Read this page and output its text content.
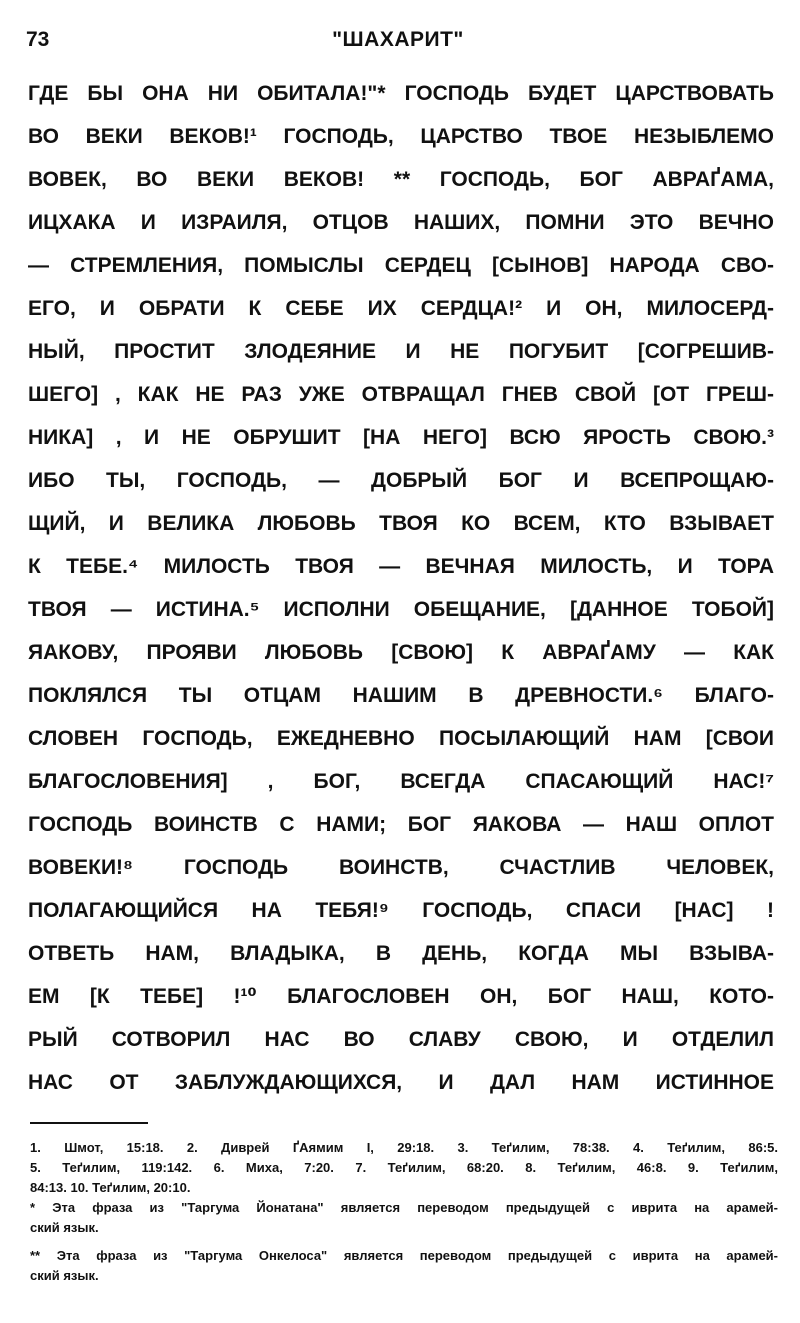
73	"ШАХАРИТ"
ГДЕ БЫ ОНА НИ ОБИТАЛА!"* ГОСПОДЬ БУДЕТ ЦАРСТВОВАТЬ
ВО ВЕКИ ВЕКОВ!¹ ГОСПОДЬ, ЦАРСТВО ТВОЕ НЕЗЫБЛЕМО
ВОВЕК, ВО ВЕКИ ВЕКОВ! ** ГОСПОДЬ, БОГ АВРАҐАМА,
ИЦХАКА И ИЗРАИЛЯ, ОТЦОВ НАШИХ, ПОМНИ ЭТО ВЕЧНО
— СТРЕМЛЕНИЯ, ПОМЫСЛЫ СЕРДЕЦ [СЫНОВ] НАРОДА СВО-
ЕГО, И ОБРАТИ К СЕБЕ ИХ СЕРДЦА!² И ОН, МИЛОСЕРД-
НЫЙ, ПРОСТИТ ЗЛОДЕЯНИЕ И НЕ ПОГУБИТ [СОГРЕШИВ-
ШЕГО] , КАК НЕ РАЗ УЖЕ ОТВРАЩАЛ ГНЕВ СВОЙ [ОТ ГРЕШ-
НИКА] , И НЕ ОБРУШИТ [НА НЕГО] ВСЮ ЯРОСТЬ СВОЮ.³
ИБО ТЫ, ГОСПОДЬ, — ДОБРЫЙ БОГ И ВСЕПРОЩАЮ-
ЩИЙ, И ВЕЛИКА ЛЮБОВЬ ТВОЯ КО ВСЕМ, КТО ВЗЫВАЕТ
К ТЕБЕ.⁴ МИЛОСТЬ ТВОЯ — ВЕЧНАЯ МИЛОСТЬ, И ТОРА
ТВОЯ — ИСТИНА.⁵ ИСПОЛНИ ОБЕЩАНИЕ, [ДАННОЕ ТОБОЙ]
ЯАКОВУ, ПРОЯВИ ЛЮБОВЬ [СВОЮ] К АВРАҐАМУ — КАК
ПОКЛЯЛСЯ ТЫ ОТЦАМ НАШИМ В ДРЕВНОСТИ.⁶ БЛАГО-
СЛОВЕН ГОСПОДЬ, ЕЖЕДНЕВНО ПОСЫЛАЮЩИЙ НАМ [СВОИ
БЛАГОСЛОВЕНИЯ] , БОГ, ВСЕГДА СПАСАЮЩИЙ НАС!⁷
ГОСПОДЬ ВОИНСТВ С НАМИ; БОГ ЯАКОВА — НАШ ОПЛОТ
ВОВЕКИ!⁸ ГОСПОДЬ ВОИНСТВ, СЧАСТЛИВ ЧЕЛОВЕК,
ПОЛАГАЮЩИЙСЯ НА ТЕБЯ!⁹ ГОСПОДЬ, СПАСИ [НАС] !
ОТВЕТЬ НАМ, ВЛАДЫКА, В ДЕНЬ, КОГДА МЫ ВЗЫВА-
ЕМ [К ТЕБЕ] !¹⁰ БЛАГОСЛОВЕН ОН, БОГ НАШ, КОТО-
РЫЙ СОТВОРИЛ НАС ВО СЛАВУ СВОЮ, И ОТДЕЛИЛ
НАС ОТ ЗАБЛУЖДАЮЩИХСЯ, И ДАЛ НАМ ИСТИННОЕ
1. Шмот, 15:18. 2. Диврей ҐАямим I, 29:18. 3. Теґилим, 78:38. 4. Теґилим, 86:5.
5. Теґилим, 119:142. 6. Миха, 7:20. 7. Теґилим, 68:20. 8. Теґилим, 46:8. 9. Теґилим,
84:13. 10. Теґилим, 20:10.
* Эта фраза из "Таргума Йонатана" является переводом предыдущей с иврита на арамей-
ский язык.
** Эта фраза из "Таргума Онкелоса" является переводом предыдущей с иврита на арамей-
ский язык.
